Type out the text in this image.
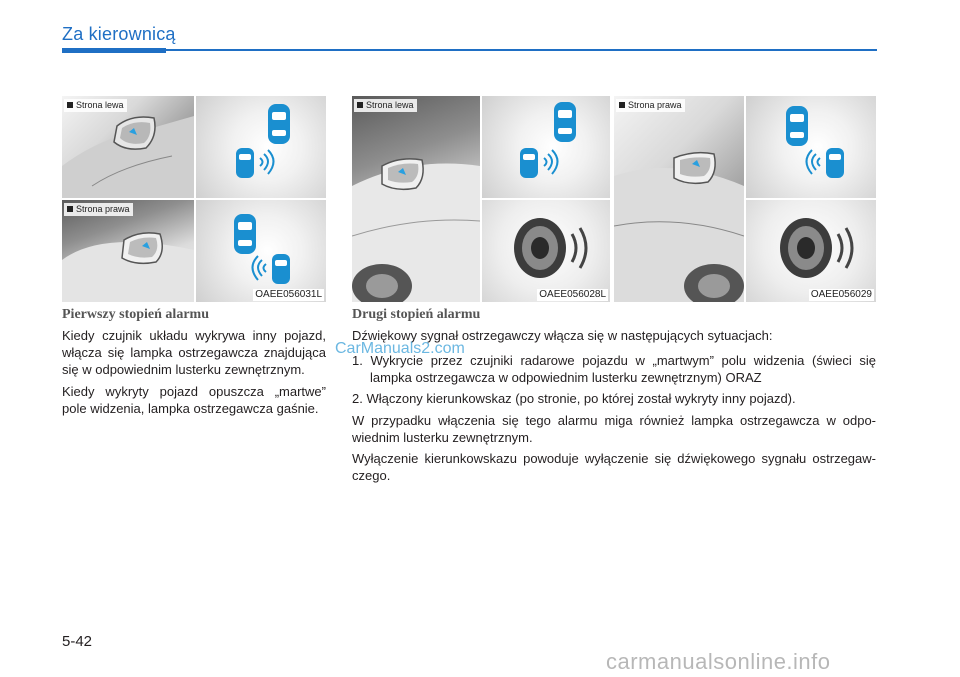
Za kierownicą
Strona lewa
Strona prawa
OAEE056031L
Strona lewa
OAEE056028L
Strona prawa
OAEE056029
Pierwszy stopień alarmu
Kiedy czujnik układu wykrywa inny pojazd,
włącza się lampka ostrzegawcza znajdująca
się w odpowiednim lusterku zewnętrznym.
Kiedy wykryty pojazd opuszcza „martwe”
pole widzenia, lampka ostrzegawcza gaśnie.
Drugi stopień alarmu
Dźwiękowy sygnał ostrzegawczy włącza się w następujących sytuacjach:
1. Wykrycie przez czujniki radarowe pojazdu w „martwym” polu widzenia (świeci się
lampka ostrzegawcza w odpowiednim lusterku zewnętrznym) ORAZ
2. Włączony kierunkowskaz (po stronie, po której został wykryty inny pojazd).
W przypadku włączenia się tego alarmu miga również lampka ostrzegawcza w odpo-
wiednim lusterku zewnętrznym.
Wyłączenie kierunkowskazu powoduje wyłączenie się dźwiękowego sygnału ostrzegaw-
czego.
CarManuals2.com
5-42
carmanualsonline.info
